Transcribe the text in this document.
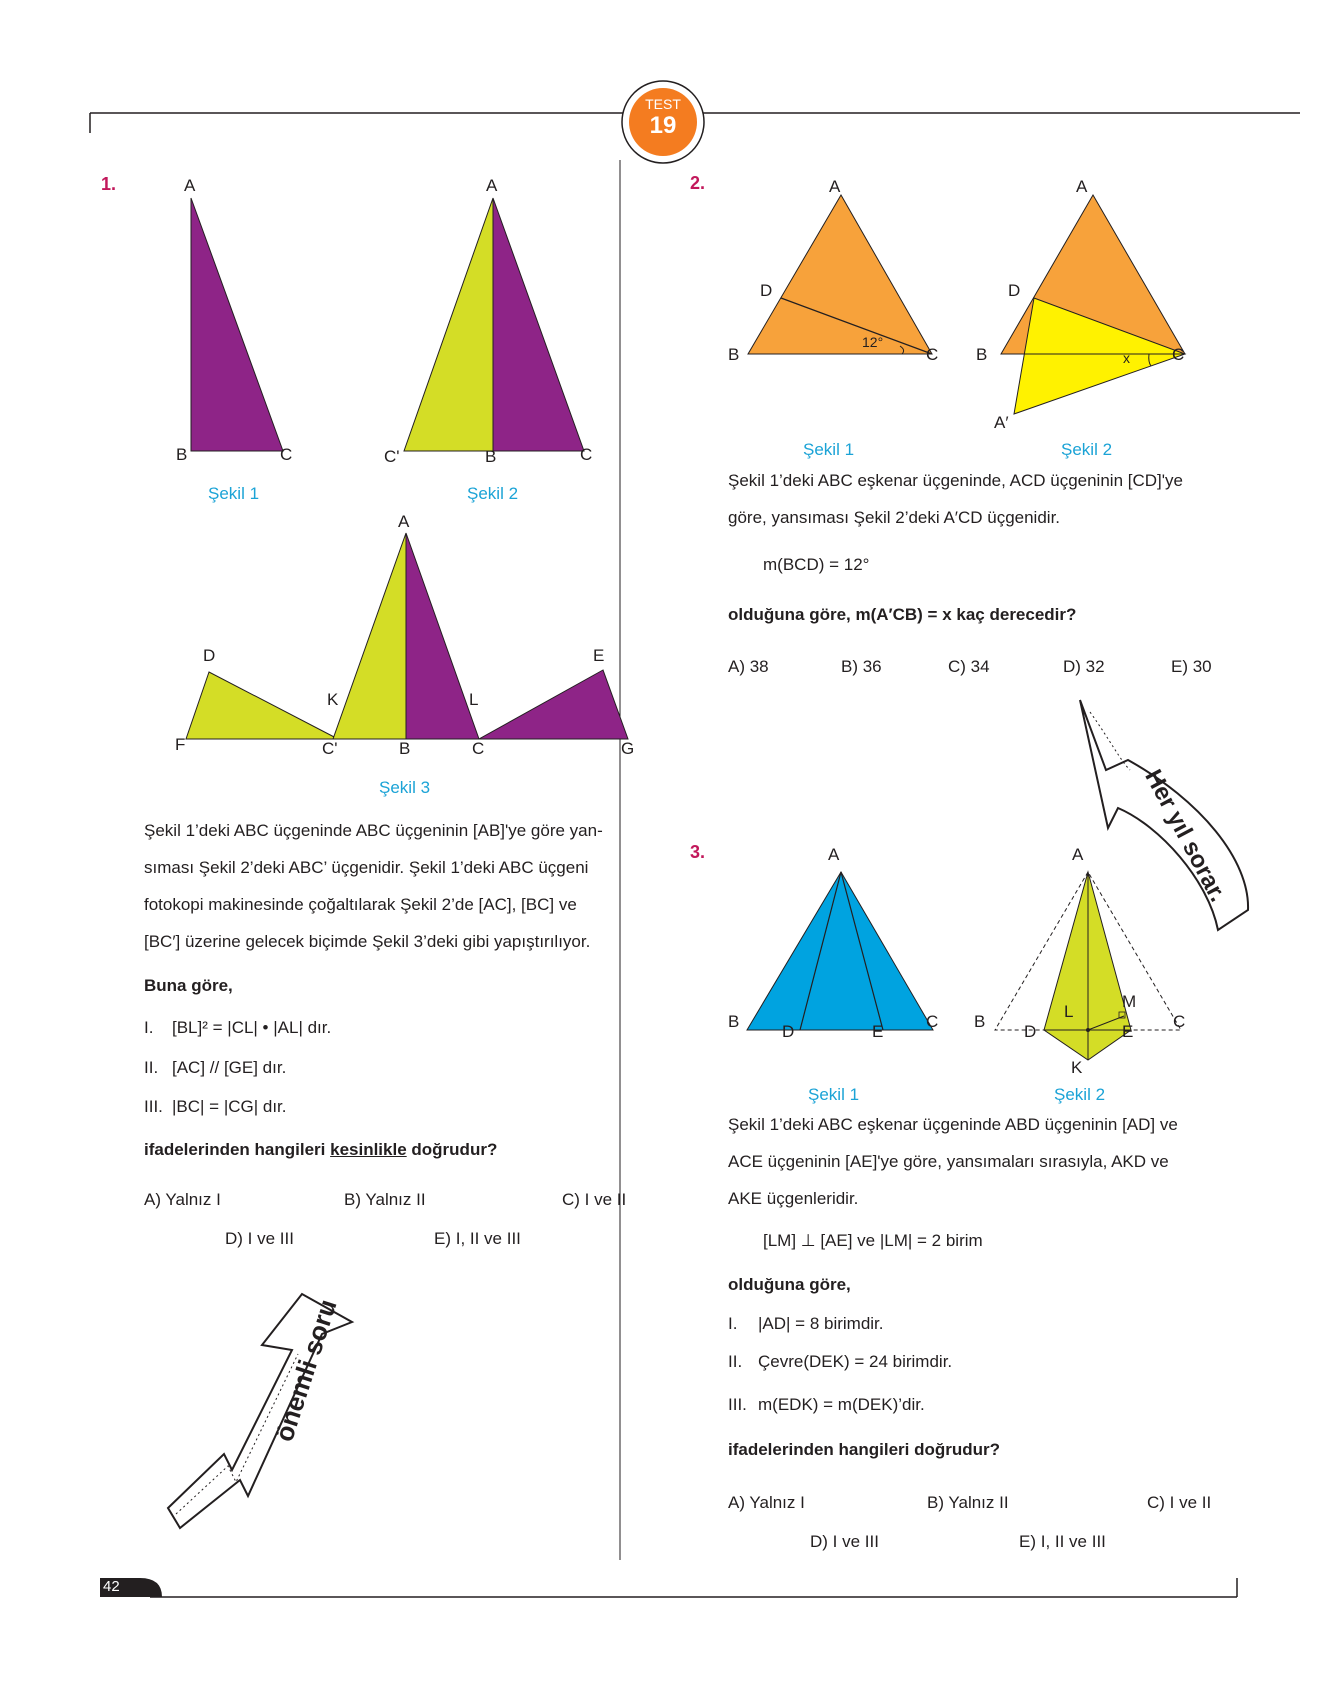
TEST
19
1.	A
B	C
Şekil 1
A
C'	B	C
Şekil 2
A
D	E
K	L
F	C'	B	C	G
Şekil 3
Şekil 1’deki ABC üçgeninde ABC üçgeninin [AB]'ye göre yan-
sıması Şekil 2’deki ABC’ üçgenidir. Şekil 1’deki ABC üçgeni
fotokopi makinesinde çoğaltılarak Şekil 2’de [AC], [BC] ve
[BC′] üzerine gelecek biçimde Şekil 3’deki gibi yapıştırılıyor.
Buna göre,
I. [BL]² = |CL| • |AL| dır.
II. [AC] // [GE] dır.
III. |BC| = |CG| dır.
ifadelerinden hangileri kesinlikle doğrudur?
A) Yalnız I	B) Yalnız II	C) I ve II
D) I ve III	E) I, II ve III
önemli soru
2.	A
D
B	C
12°
Şekil 1
A
D
B	C
x
A′
Şekil 2
Şekil 1’deki ABC eşkenar üçgeninde, ACD üçgeninin [CD]'ye
göre, yansıması Şekil 2’deki A′CD üçgenidir.
m(BCD) = 12°
olduğuna göre, m(A′CB) = x kaç derecedir?
A) 38	B) 36	C) 34	D) 32	E) 30
Her yıl sorar.
3.	A
B	C
D	E
Şekil 1
A
B	C
D	E
L
M
K
Şekil 2
Şekil 1’deki ABC eşkenar üçgeninde ABD üçgeninin [AD] ve
ACE üçgeninin [AE]'ye göre, yansımaları sırasıyla, AKD ve
AKE üçgenleridir.
[LM] ⊥ [AE] ve |LM| = 2 birim
olduğuna göre,
I. |AD| = 8 birimdir.
II. Çevre(DEK) = 24 birimdir.
III. m(EDK) = m(DEK)’dir.
ifadelerinden hangileri doğrudur?
A) Yalnız I	B) Yalnız II	C) I ve II
D) I ve III	E) I, II ve III
42
